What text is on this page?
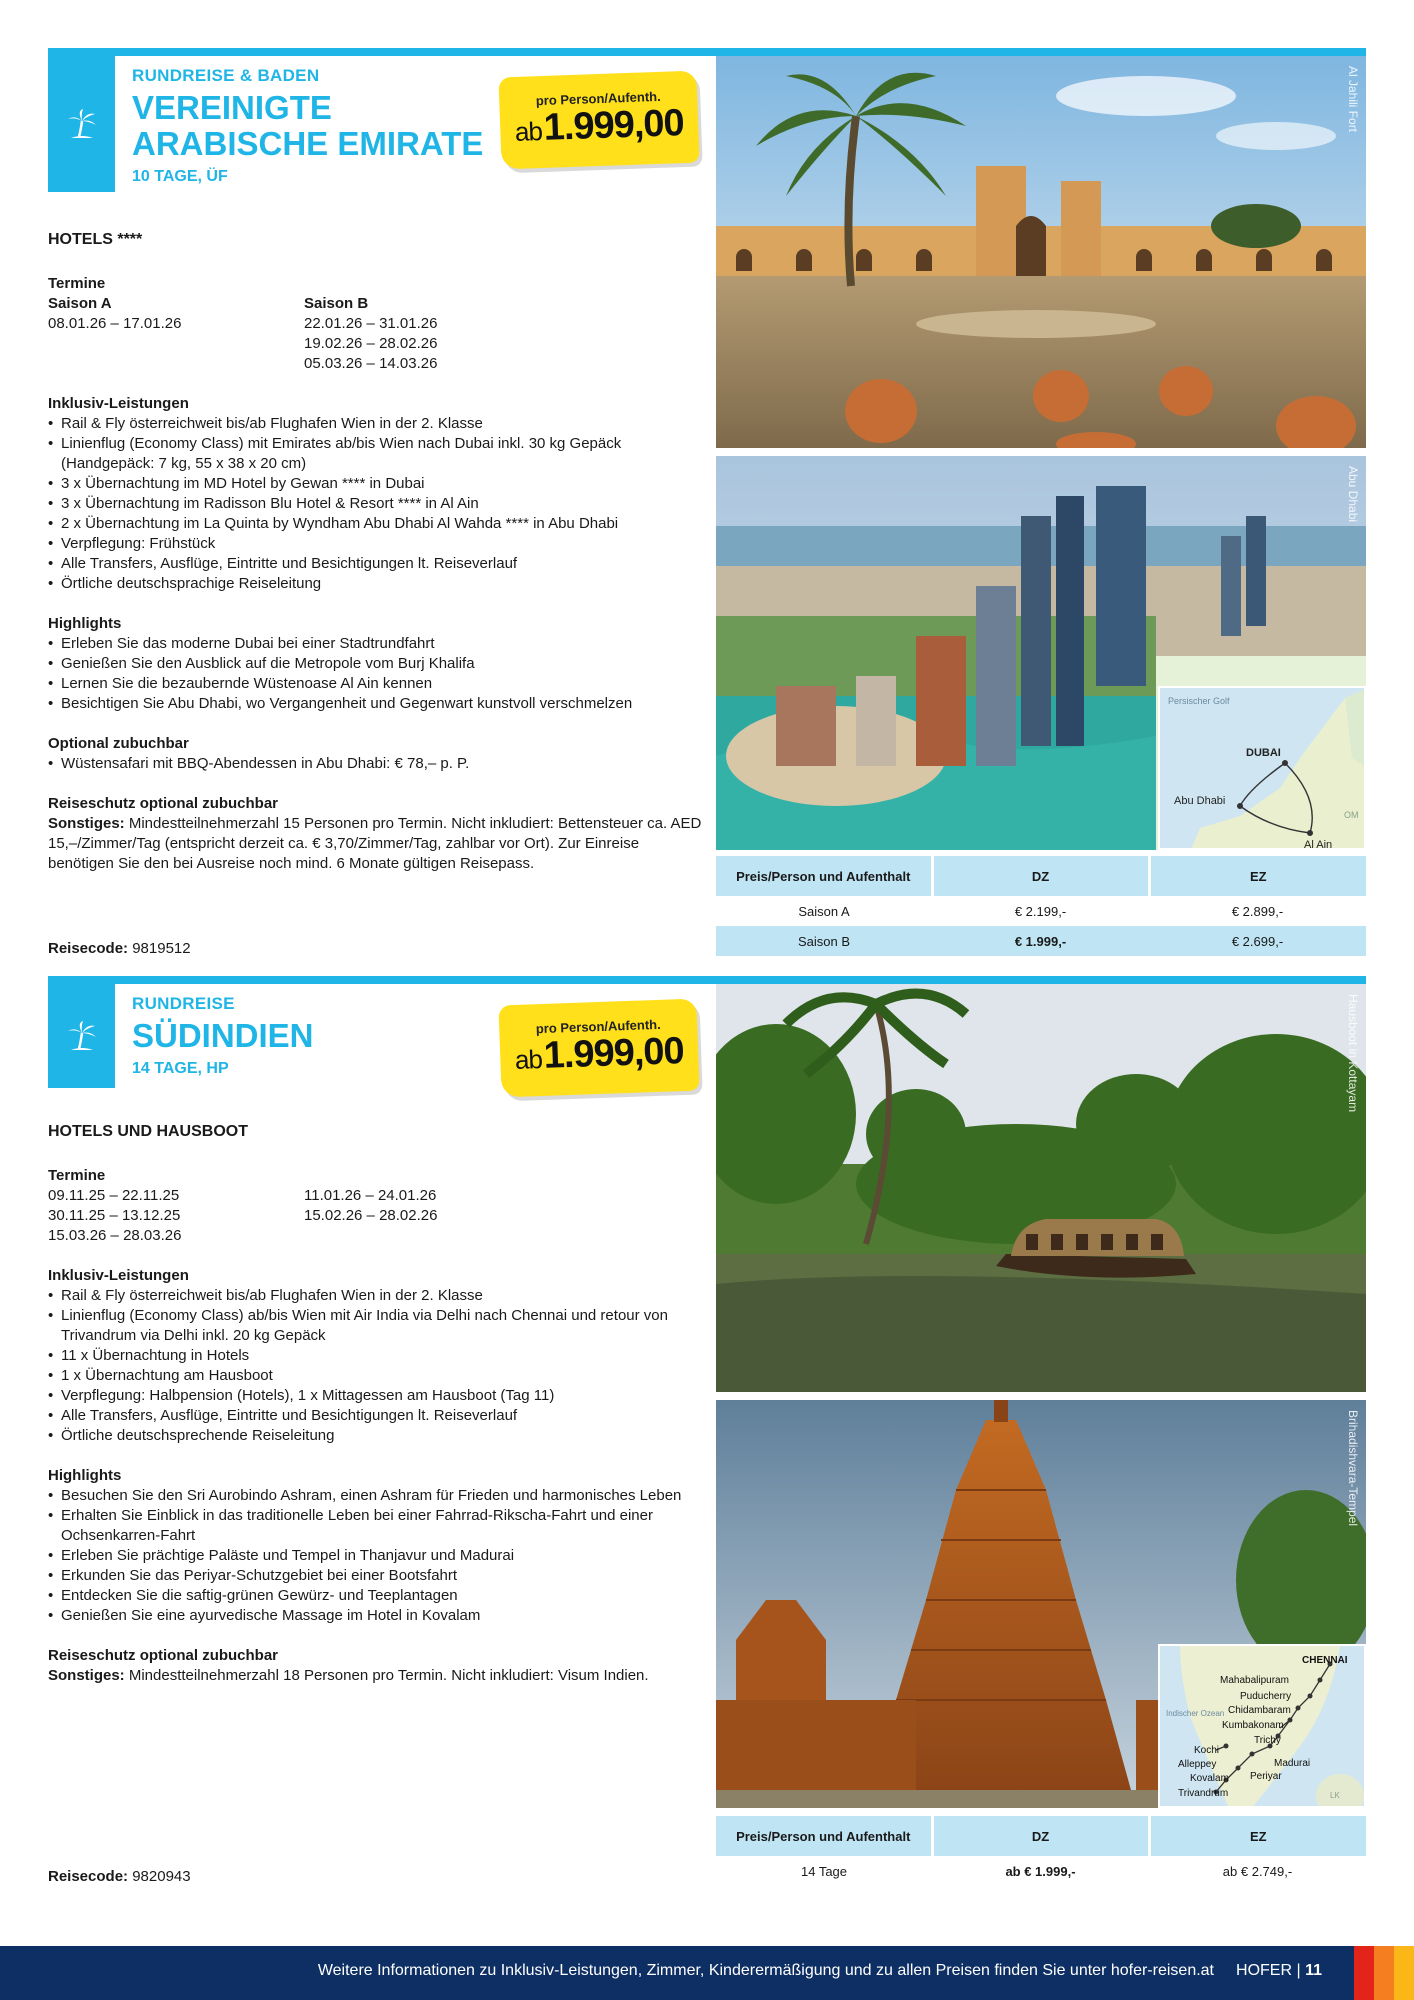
RUNDREISE & BADEN
VEREINIGTE
ARABISCHE EMIRATE
10 TAGE, ÜF
pro Person/Aufenth.
ab1.999,00
HOTELS ****
Termine
Saison A
08.01.26 – 17.01.26
Saison B
22.01.26 – 31.01.26
19.02.26 – 28.02.26
05.03.26 – 14.03.26
Inklusiv-Leistungen
• Rail & Fly österreichweit bis/ab Flughafen Wien in der 2. Klasse
• Linienflug (Economy Class) mit Emirates ab/bis Wien nach Dubai inkl. 30 kg Gepäck (Handgepäck: 7 kg, 55 x 38 x 20 cm)
• 3 x Übernachtung im MD Hotel by Gewan **** in Dubai
• 3 x Übernachtung im Radisson Blu Hotel & Resort **** in Al Ain
• 2 x Übernachtung im La Quinta by Wyndham Abu Dhabi Al Wahda **** in Abu Dhabi
• Verpflegung: Frühstück
• Alle Transfers, Ausflüge, Eintritte und Besichtigungen lt. Reiseverlauf
• Örtliche deutschsprachige Reiseleitung
Highlights
• Erleben Sie das moderne Dubai bei einer Stadtrundfahrt
• Genießen Sie den Ausblick auf die Metropole vom Burj Khalifa
• Lernen Sie die bezaubernde Wüstenoase Al Ain kennen
• Besichtigen Sie Abu Dhabi, wo Vergangenheit und Gegenwart kunstvoll verschmelzen
Optional zubuchbar
• Wüstensafari mit BBQ-Abendessen in Abu Dhabi: € 78,– p. P.
Reiseschutz optional zubuchbar
Sonstiges: Mindestteilnehmerzahl 15 Personen pro Termin. Nicht inkludiert: Bettensteuer ca. AED 15,–/Zimmer/Tag (entspricht derzeit ca. € 3,70/Zimmer/Tag, zahlbar vor Ort). Zur Einreise benötigen Sie den bei Ausreise noch mind. 6 Monate gültigen Reisepass.
Reisecode: 9819512
Al Jahili Fort
Abu Dhabi
Persischer Golf
OM
DUBAI
Abu Dhabi
Al Ain
Preis/Person und Aufenthalt	DZ	EZ
Saison A	€ 2.199,-	€ 2.899,-
Saison B	€ 1.999,-	€ 2.699,-
RUNDREISE
SÜDINDIEN
14 TAGE, HP
pro Person/Aufenth.
ab1.999,00
HOTELS UND HAUSBOOT
Termine
09.11.25 – 22.11.25
30.11.25 – 13.12.25
15.03.26 – 28.03.26
11.01.26 – 24.01.26
15.02.26 – 28.02.26
Inklusiv-Leistungen
• Rail & Fly österreichweit bis/ab Flughafen Wien in der 2. Klasse
• Linienflug (Economy Class) ab/bis Wien mit Air India via Delhi nach Chennai und retour von Trivandrum via Delhi inkl. 20 kg Gepäck
• 11 x Übernachtung in Hotels
• 1 x Übernachtung am Hausboot
• Verpflegung: Halbpension (Hotels), 1 x Mittagessen am Hausboot (Tag 11)
• Alle Transfers, Ausflüge, Eintritte und Besichtigungen lt. Reiseverlauf
• Örtliche deutschsprechende Reiseleitung
Highlights
• Besuchen Sie den Sri Aurobindo Ashram, einen Ashram für Frieden und harmonisches Leben
• Erhalten Sie Einblick in das traditionelle Leben bei einer Fahrrad-Rikscha-Fahrt und einer Ochsenkarren-Fahrt
• Erleben Sie prächtige Paläste und Tempel in Thanjavur und Madurai
• Erkunden Sie das Periyar-Schutzgebiet bei einer Bootsfahrt
• Entdecken Sie die saftig-grünen Gewürz- und Teeplantagen
• Genießen Sie eine ayurvedische Massage im Hotel in Kovalam
Reiseschutz optional zubuchbar
Sonstiges: Mindestteilnehmerzahl 18 Personen pro Termin. Nicht inkludiert: Visum Indien.
Reisecode: 9820943
Hausboot in Kottayam
Brihadishvara-Tempel
Indischer Ozean
LK
CHENNAI
Mahabalipuram
Puducherry
Chidambaram
Kumbakonam
Trichy
Kochi
Alleppey	Madurai
Kovalam Periyar
Trivandrum
Preis/Person und Aufenthalt	DZ	EZ
14 Tage	ab € 1.999,-	ab € 2.749,-
Weitere Informationen zu Inklusiv-Leistungen, Zimmer, Kinderermäßigung und zu allen Preisen finden Sie unter hofer-reisen.at HOFER | 11
